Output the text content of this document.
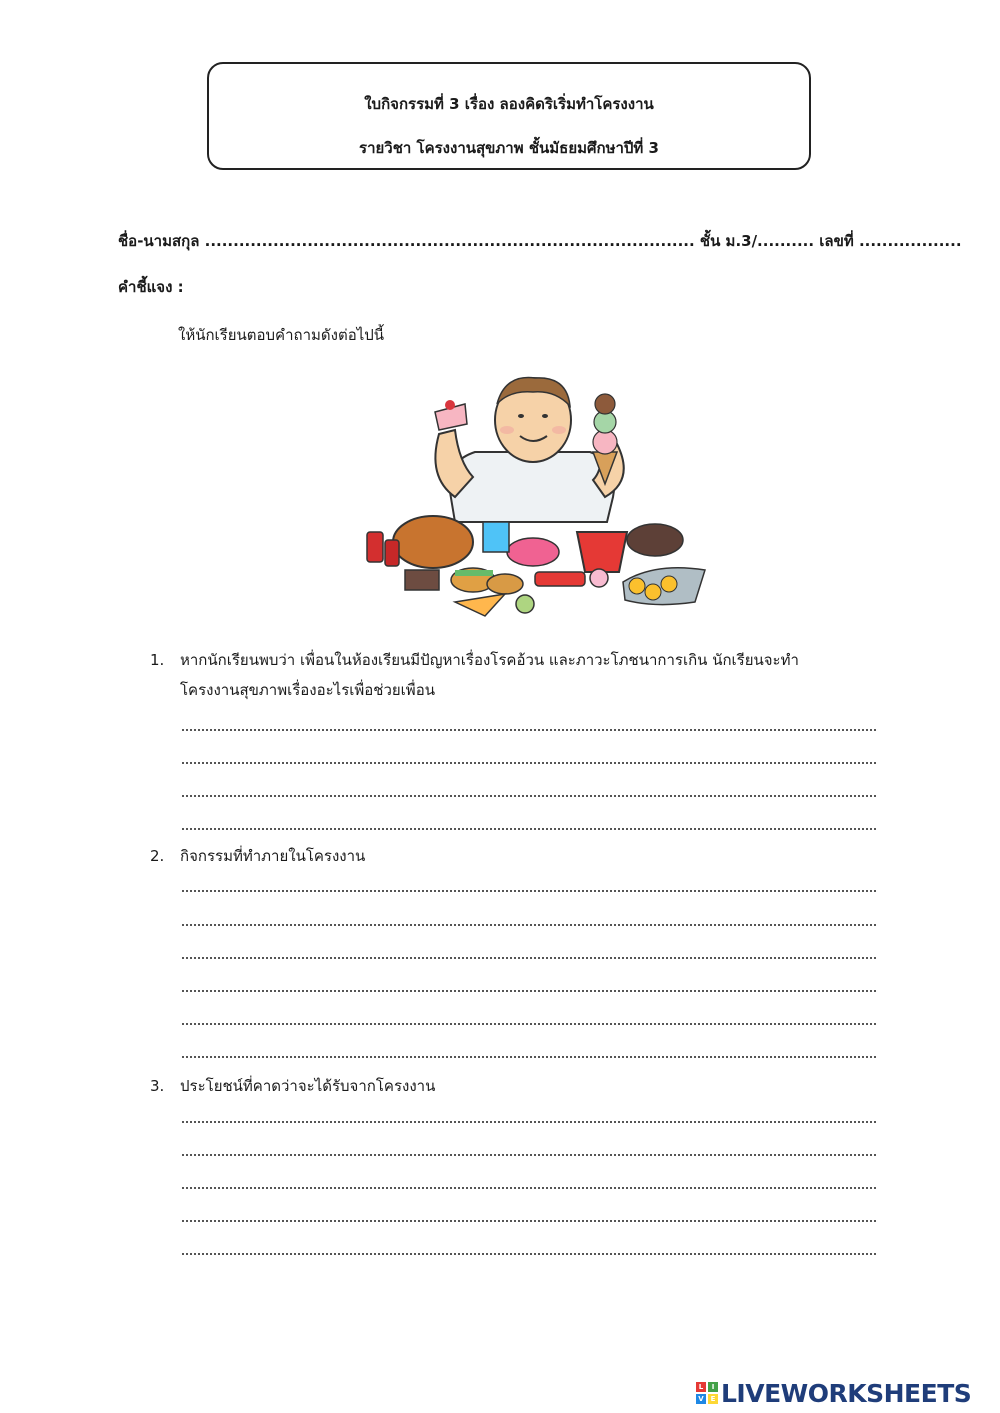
ใบกิจกรรมที่ 3 เรื่อง ลองคิดริเริ่มทำโครงงาน
รายวิชา โครงงานสุขภาพ ชั้นมัธยมศึกษาปีที่ 3
ชื่อ-นามสกุล ...................................................................................... ชั้น ม.3/.......... เลขที่ ..................
คำชี้แจง :
ให้นักเรียนตอบคำถามดังต่อไปนี้
1. หากนักเรียนพบว่า เพื่อนในห้องเรียนมีปัญหาเรื่องโรคอ้วน และภาวะโภชนาการเกิน นักเรียนจะทำ
โครงงานสุขภาพเรื่องอะไรเพื่อช่วยเพื่อน
2. กิจกรรมที่ทำภายในโครงงาน
3. ประโยชน์ที่คาดว่าจะได้รับจากโครงงาน
L	I
V E LIVEWORKSHEETS
